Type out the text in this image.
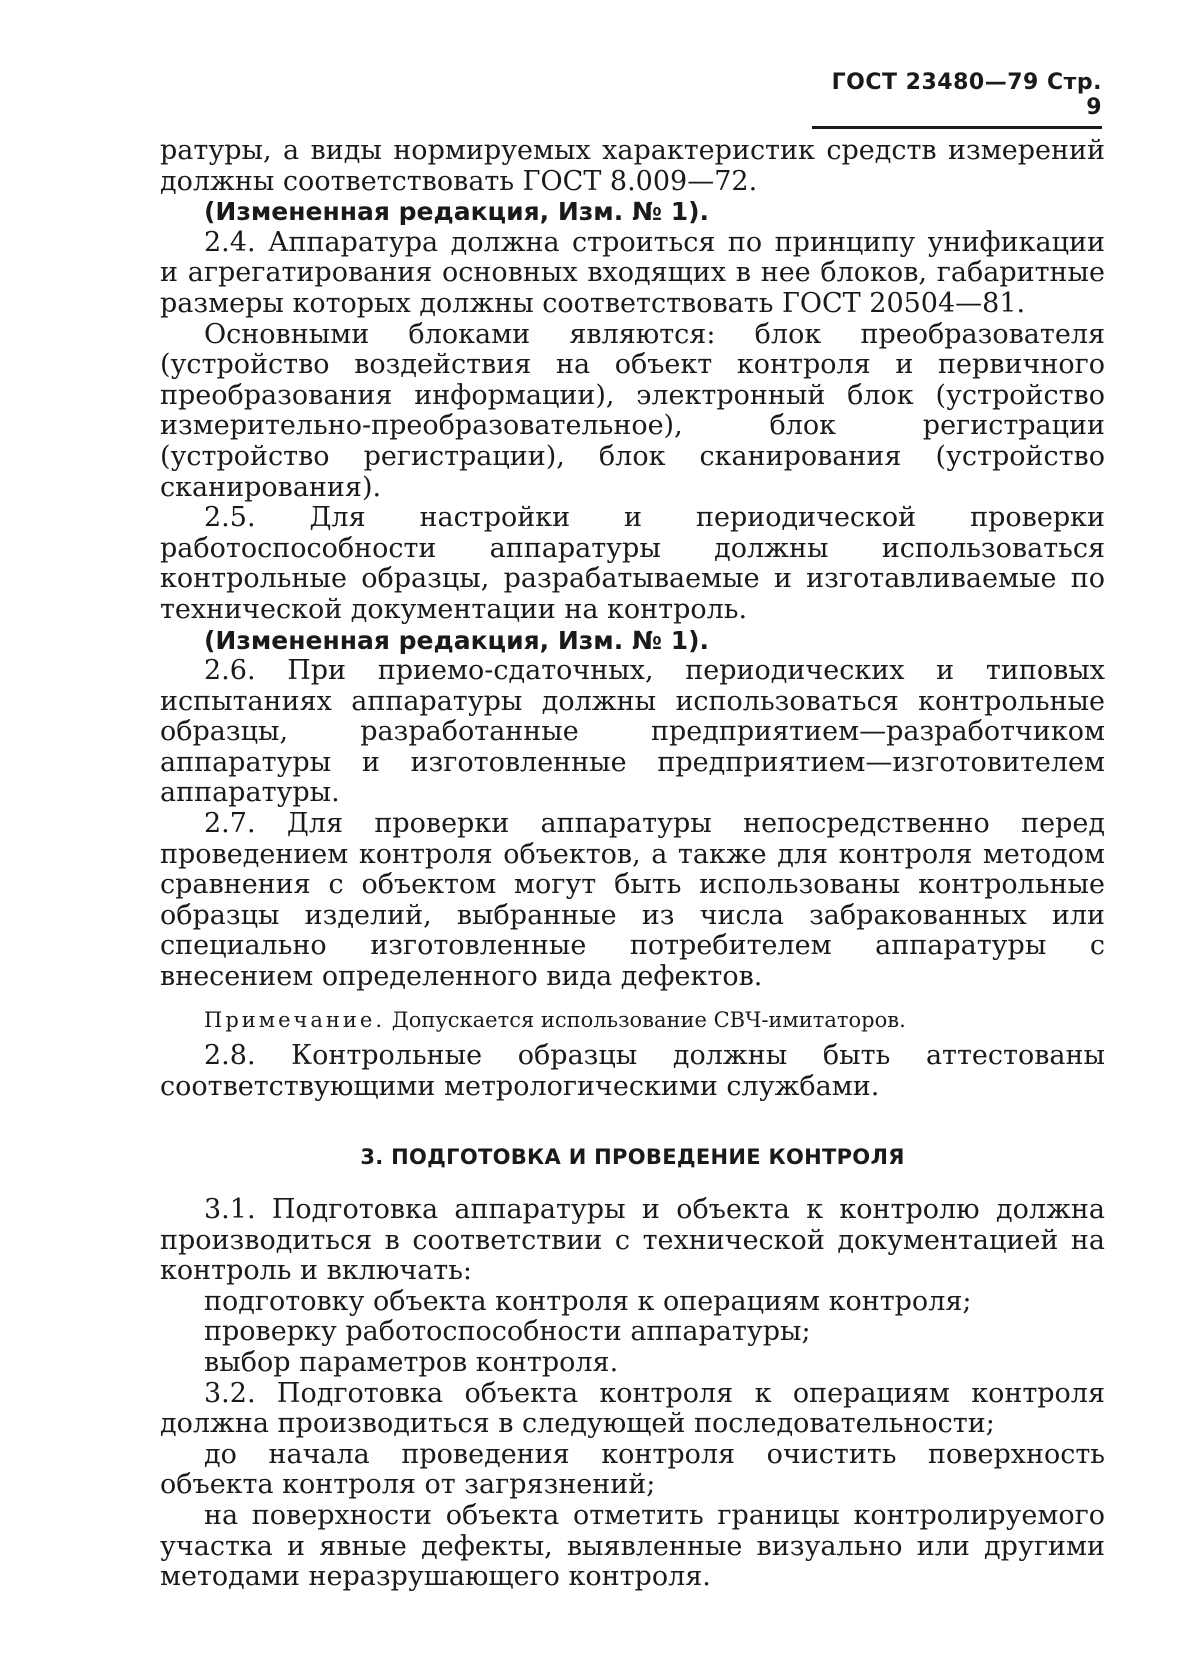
ГОСТ 23480—79 Стр. 9

ратуры, а виды нормируемых характеристик средств измерений должны соответствовать ГОСТ 8.009—72.

(Измененная редакция, Изм. № 1).

2.4. Аппаратура должна строиться по принципу унификации и агрегатирования основных входящих в нее блоков, габаритные размеры которых должны соответствовать ГОСТ 20504—81.

Основными блоками являются: блок преобразователя (устройство воздействия на объект контроля и первичного преобразования информации), электронный блок (устройство измерительно-преобразовательное), блок регистрации (устройство регистрации), блок сканирования (устройство сканирования).

2.5. Для настройки и периодической проверки работоспособности аппаратуры должны использоваться контрольные образцы, разрабатываемые и изготавливаемые по технической документации на контроль.

(Измененная редакция, Изм. № 1).

2.6. При приемо-сдаточных, периодических и типовых испытаниях аппаратуры должны использоваться контрольные образцы, разработанные предприятием—разработчиком аппаратуры и изготовленные предприятием—изготовителем аппаратуры.

2.7. Для проверки аппаратуры непосредственно перед проведением контроля объектов, а также для контроля методом сравнения с объектом могут быть использованы контрольные образцы изделий, выбранные из числа забракованных или специально изготовленные потребителем аппаратуры с внесением определенного вида дефектов.

Примечание. Допускается использование СВЧ-имитаторов.

2.8. Контрольные образцы должны быть аттестованы соответствующими метрологическими службами.

3. ПОДГОТОВКА И ПРОВЕДЕНИЕ КОНТРОЛЯ

3.1. Подготовка аппаратуры и объекта к контролю должна производиться в соответствии с технической документацией на контроль и включать:

подготовку объекта контроля к операциям контроля;

проверку работоспособности аппаратуры;

выбор параметров контроля.

3.2. Подготовка объекта контроля к операциям контроля должна производиться в следующей последовательности;

до начала проведения контроля очистить поверхность объекта контроля от загрязнений;

на поверхности объекта отметить границы контролируемого участка и явные дефекты, выявленные визуально или другими методами неразрушающего контроля.
